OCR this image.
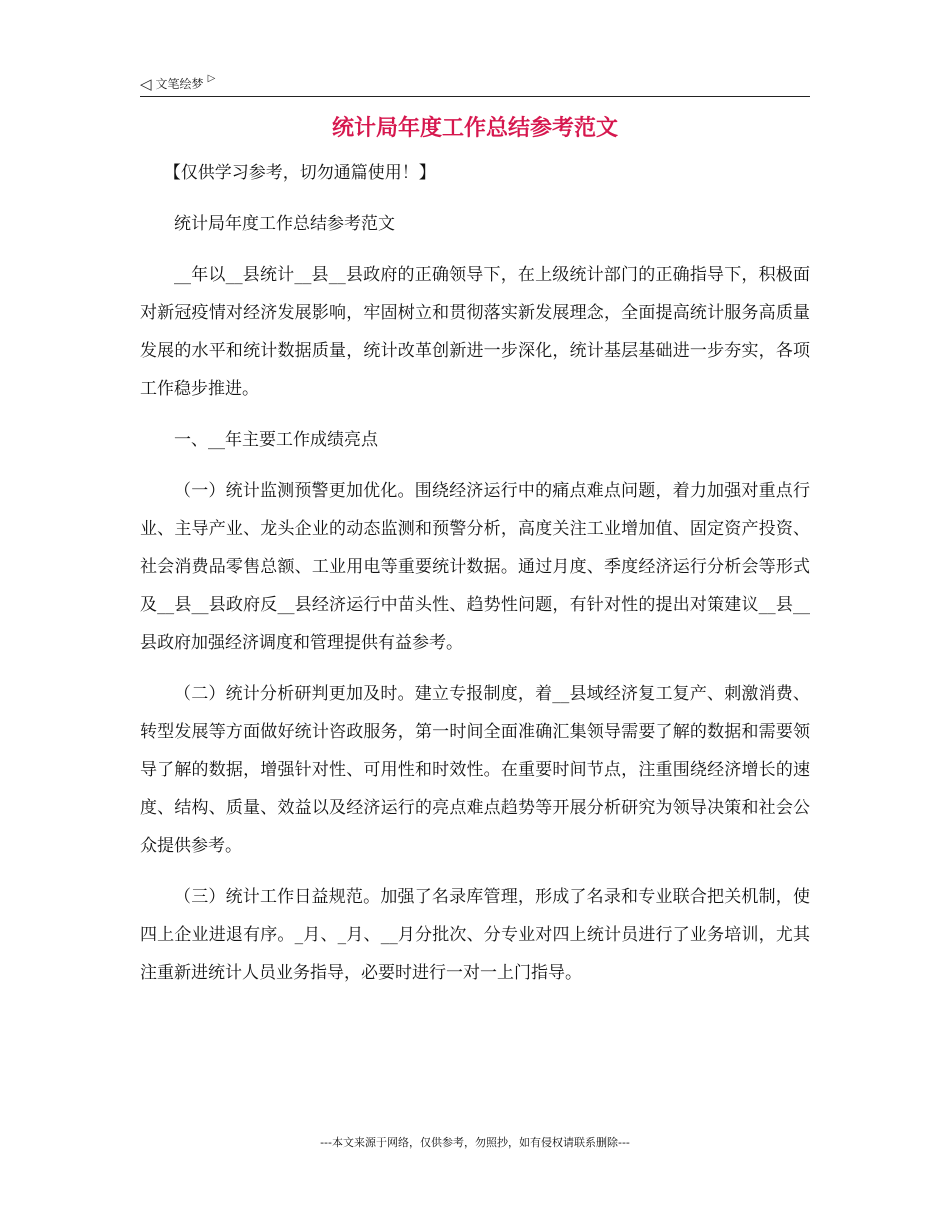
◁ 文笔绘梦 ▷
统计局年度工作总结参考范文

【仅供学习参考，切勿通篇使用！】

统计局年度工作总结参考范文

__年以__县统计__县__县政府的正确领导下，在上级统计部门的正确指导下，积极面对新冠疫情对经济发展影响，牢固树立和贯彻落实新发展理念，全面提高统计服务高质量发展的水平和统计数据质量，统计改革创新进一步深化，统计基层基础进一步夯实，各项工作稳步推进。

一、__年主要工作成绩亮点

（一）统计监测预警更加优化。围绕经济运行中的痛点难点问题，着力加强对重点行业、主导产业、龙头企业的动态监测和预警分析，高度关注工业增加值、固定资产投资、社会消费品零售总额、工业用电等重要统计数据。通过月度、季度经济运行分析会等形式及__县__县政府反__县经济运行中苗头性、趋势性问题，有针对性的提出对策建议__县__县政府加强经济调度和管理提供有益参考。

（二）统计分析研判更加及时。建立专报制度，着__县域经济复工复产、刺激消费、转型发展等方面做好统计咨政服务，第一时间全面准确汇集领导需要了解的数据和需要领导了解的数据，增强针对性、可用性和时效性。在重要时间节点，注重围绕经济增长的速度、结构、质量、效益以及经济运行的亮点难点趋势等开展分析研究为领导决策和社会公众提供参考。

（三）统计工作日益规范。加强了名录库管理，形成了名录和专业联合把关机制，使四上企业进退有序。_月、_月、__月分批次、分专业对四上统计员进行了业务培训，尤其注重新进统计人员业务指导，必要时进行一对一上门指导。

---本文来源于网络，仅供参考，勿照抄，如有侵权请联系删除---
